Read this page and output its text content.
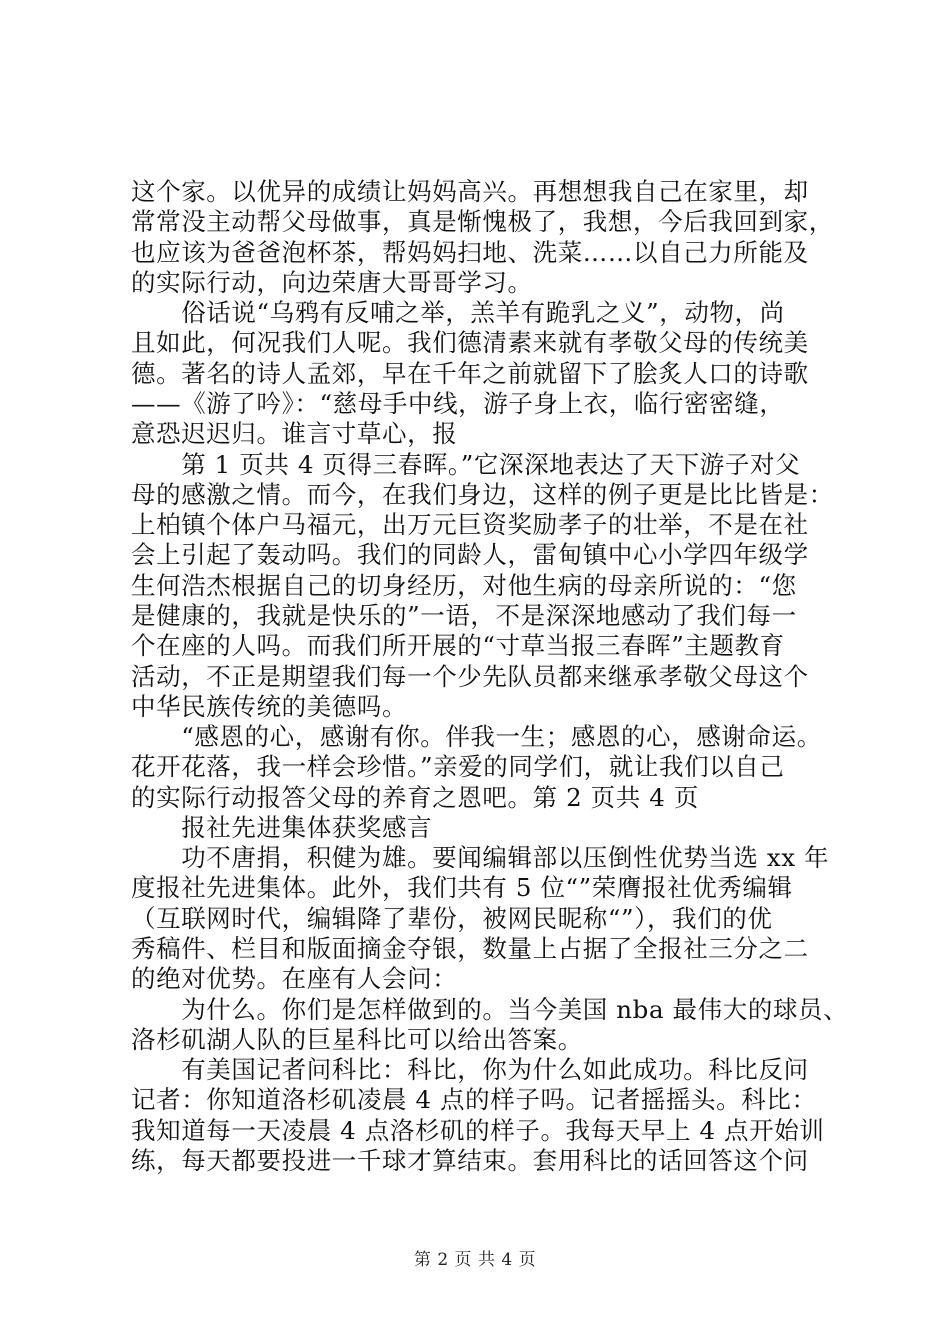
这个家。以优异的成绩让妈妈高兴。再想想我自己在家里，却
常常没主动帮父母做事，真是惭愧极了，我想，今后我回到家，
也应该为爸爸泡杯茶，帮妈妈扫地、洗菜……以自己力所能及
的实际行动，向边荣唐大哥哥学习。
　　俗话说“乌鸦有反哺之举，羔羊有跪乳之义”，动物，尚
且如此，何况我们人呢。我们德清素来就有孝敬父母的传统美
德。著名的诗人孟郊，早在千年之前就留下了脍炙人口的诗歌
——《游了吟》：“慈母手中线，游子身上衣，临行密密缝，
意恐迟迟归。谁言寸草心，报
　　第 1 页共 4 页得三春晖。”它深深地表达了天下游子对父
母的感激之情。而今，在我们身边，这样的例子更是比比皆是：
上柏镇个体户马福元，出万元巨资奖励孝子的壮举，不是在社
会上引起了轰动吗。我们的同龄人，雷甸镇中心小学四年级学
生何浩杰根据自己的切身经历，对他生病的母亲所说的：“您
是健康的，我就是快乐的”一语，不是深深地感动了我们每一
个在座的人吗。而我们所开展的“寸草当报三春晖”主题教育
活动，不正是期望我们每一个少先队员都来继承孝敬父母这个
中华民族传统的美德吗。
　　“感恩的心，感谢有你。伴我一生；感恩的心，感谢命运。
花开花落，我一样会珍惜。”亲爱的同学们，就让我们以自己
的实际行动报答父母的养育之恩吧。第 2 页共 4 页
　　报社先进集体获奖感言
　　功不唐捐，积健为雄。要闻编辑部以压倒性优势当选 xx 年
度报社先进集体。此外，我们共有 5 位“”荣膺报社优秀编辑
（互联网时代，编辑降了辈份，被网民昵称“”），我们的优
秀稿件、栏目和版面摘金夺银，数量上占据了全报社三分之二
的绝对优势。在座有人会问：
　　为什么。你们是怎样做到的。当今美国 nba 最伟大的球员、
洛杉矶湖人队的巨星科比可以给出答案。
　　有美国记者问科比：科比，你为什么如此成功。科比反问
记者：你知道洛杉矶凌晨 4 点的样子吗。记者摇摇头。科比：
我知道每一天凌晨 4 点洛杉矶的样子。我每天早上 4 点开始训
练，每天都要投进一千球才算结束。套用科比的话回答这个问
第 2 页 共 4 页
